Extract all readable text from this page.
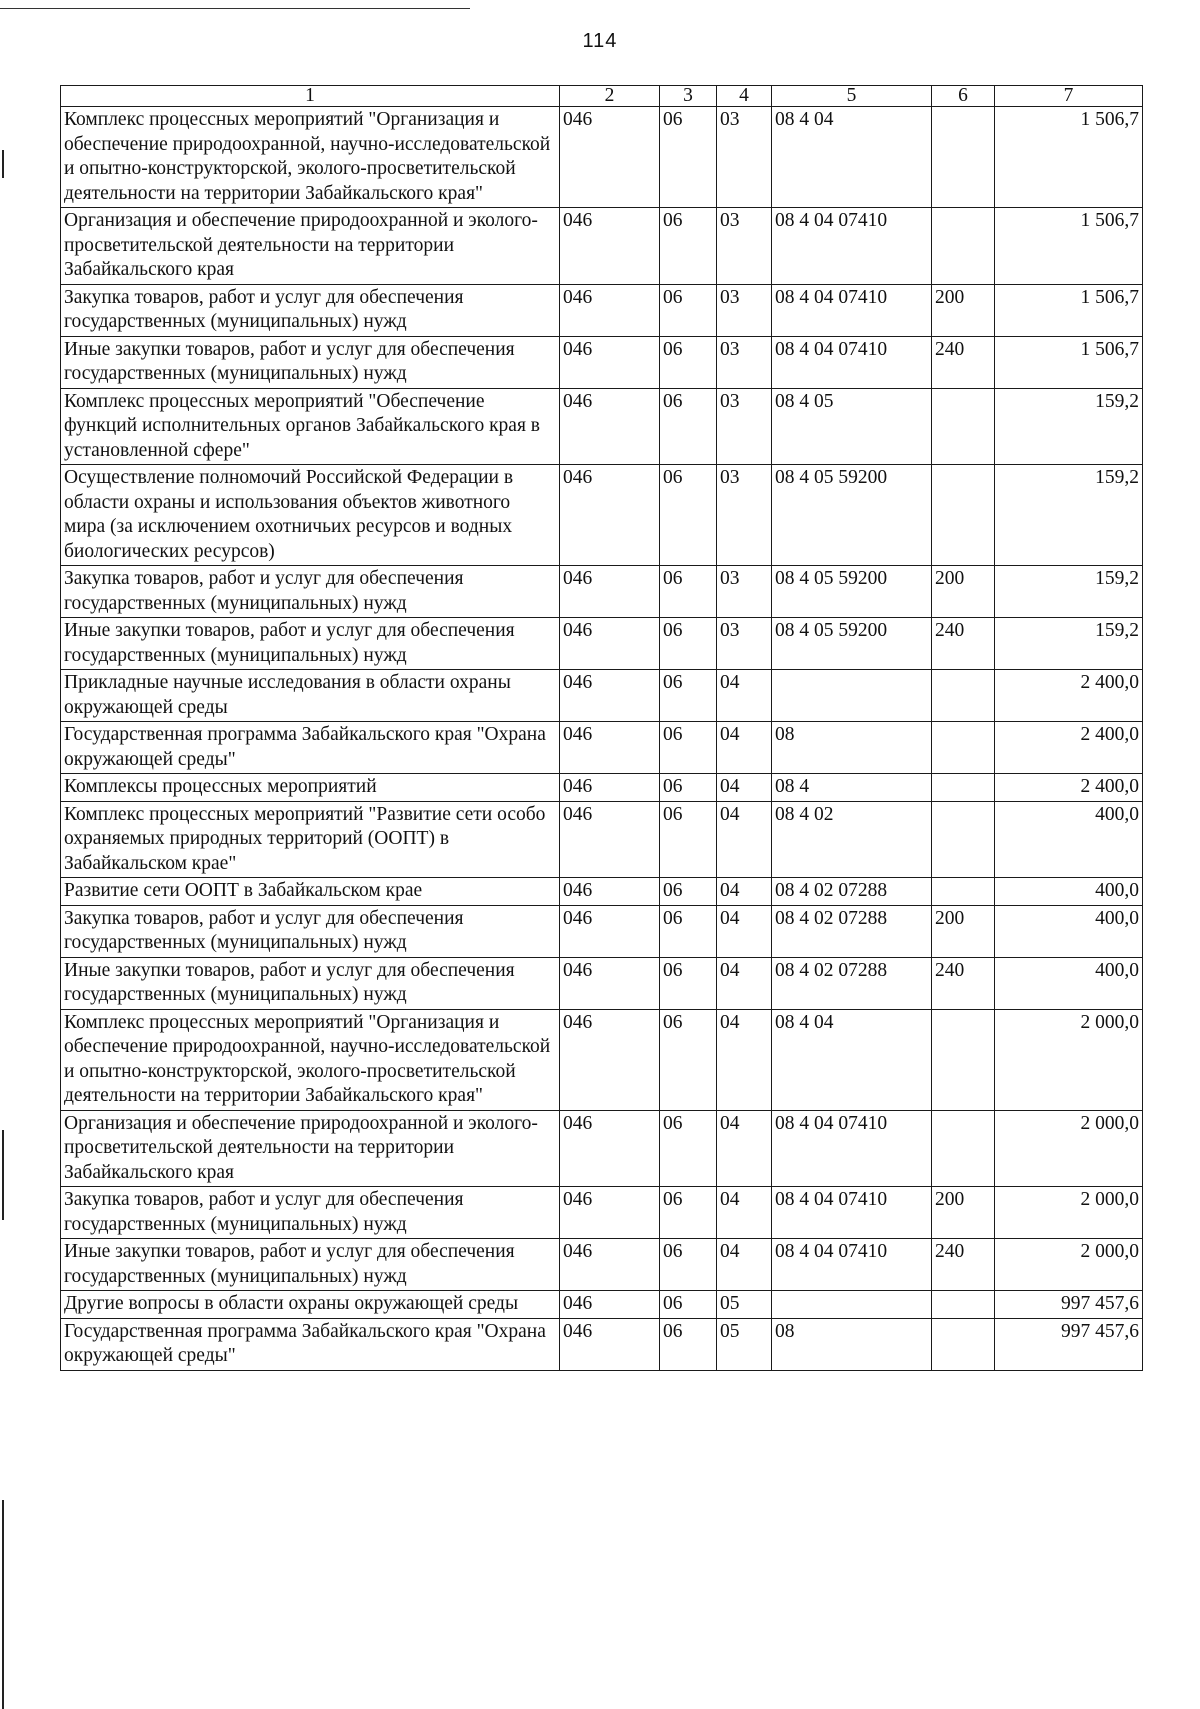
114
1	2	3	4	5	6	7
Комплекс процессных мероприятий "Организация и обеспечение природоохранной, научно-исследовательской и опытно-конструкторской, эколого-просветительской деятельности на территории Забайкальского края"	046	06	03	08 4 04		1 506,7
Организация и обеспечение природоохранной и эколого-просветительской деятельности на территории Забайкальского края	046	06	03	08 4 04 07410		1 506,7
Закупка товаров, работ и услуг для обеспечения государственных (муниципальных) нужд	046	06	03	08 4 04 07410	200	1 506,7
Иные закупки товаров, работ и услуг для обеспечения государственных (муниципальных) нужд	046	06	03	08 4 04 07410	240	1 506,7
Комплекс процессных мероприятий "Обеспечение функций исполнительных органов Забайкальского края в установленной сфере"	046	06	03	08 4 05		159,2
Осуществление полномочий Российской Федерации в области охраны и использования объектов животного мира (за исключением охотничьих ресурсов и водных биологических ресурсов)	046	06	03	08 4 05 59200		159,2
Закупка товаров, работ и услуг для обеспечения государственных (муниципальных) нужд	046	06	03	08 4 05 59200	200	159,2
Иные закупки товаров, работ и услуг для обеспечения государственных (муниципальных) нужд	046	06	03	08 4 05 59200	240	159,2
Прикладные научные исследования в области охраны окружающей среды	046	06	04			2 400,0
Государственная программа Забайкальского края "Охрана окружающей среды"	046	06	04	08		2 400,0
Комплексы процессных мероприятий	046	06	04	08 4		2 400,0
Комплекс процессных мероприятий "Развитие сети особо охраняемых природных территорий (ООПТ) в Забайкальском крае"	046	06	04	08 4 02		400,0
Развитие сети ООПТ в Забайкальском крае	046	06	04	08 4 02 07288		400,0
Закупка товаров, работ и услуг для обеспечения государственных (муниципальных) нужд	046	06	04	08 4 02 07288	200	400,0
Иные закупки товаров, работ и услуг для обеспечения государственных (муниципальных) нужд	046	06	04	08 4 02 07288	240	400,0
Комплекс процессных мероприятий "Организация и обеспечение природоохранной, научно-исследовательской и опытно-конструкторской, эколого-просветительской деятельности на территории Забайкальского края"	046	06	04	08 4 04		2 000,0
Организация и обеспечение природоохранной и эколого-просветительской деятельности на территории Забайкальского края	046	06	04	08 4 04 07410		2 000,0
Закупка товаров, работ и услуг для обеспечения государственных (муниципальных) нужд	046	06	04	08 4 04 07410	200	2 000,0
Иные закупки товаров, работ и услуг для обеспечения государственных (муниципальных) нужд	046	06	04	08 4 04 07410	240	2 000,0
Другие вопросы в области охраны окружающей среды	046	06	05			997 457,6
Государственная программа Забайкальского края "Охрана окружающей среды"	046	06	05	08		997 457,6
